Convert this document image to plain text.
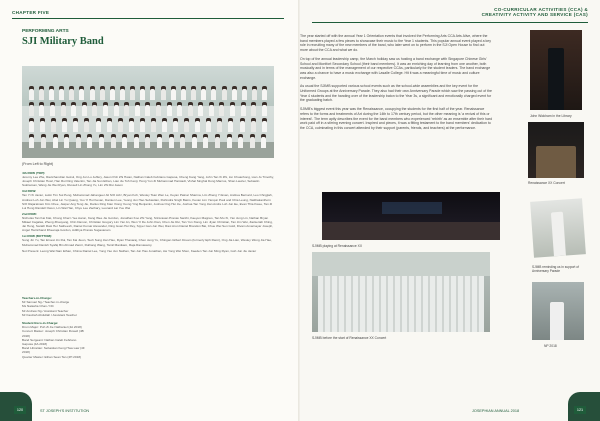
CHAPTER FIVE
PERFORMING ARTS
SJI Military Band
(From Left to Right)
4th ROW (TOP):
Jeremy Lee Zhe, Ravichandran Gokul, Ong Jun Lu Jeffery, Jason Poh Zhi Hwan, Nathan Caleb Febriano Gapusa, Cheng Kang Yang, John Tan Xi Zhi, Ion Chuanhong, Lian Jo Timothy, Joseph Christian Howl, Han Rui Ding Valentin, Tan Jia Sun Ethan, Lian Jie Toh Kenji, Hong Yun Zi Muhammad Harstadt, Vishal Singhal Dong Marcus, Shan Laurier, Sebastin Sukiraman, Wang Jie Wei Ryan, Russell Lin Zhong Yu, Lim Zhi Rui Jason
3rd ROW:
Tan Yi Xi Javier, Lukin Tim Sui Peng, Muhammad Jahangeer Ali S/O Aziz, Bryan Koh, Wesley Tsan Wen Le, Keyan Patnar Sharma, Lim Zheng Yi Evan, Andrea Bernard, Leo Chngjiah, Andrew Loh Jun Wei, Abel Lin Yu Quang, Yeo Yi Hui Kevan, Damien Lee, Yeong Jun Hao Sebastian, Rohindra Singh Bains, Kevan Lim Yanqun Paul and Chia Leung, Natthakanthorn S/O Rajaratnam Kim Chee, Jasper Ang Teng Jie, Darius Ding Kian Xiong Yeong Ying Benjamin, Joshua Ong Hui Jie, Joshua Tan Yong Jian Andre Loh Jun Ee, Evan Thia Kwee, Tan Zi Lui Hong Randell Owen, Lin Wai Han, Chye Lee Zachary, Leonard Lai Yue Wei
2nd ROW:
Nicholas Tan Kai Kiat, Chong Chern Yee Aaron, Kang Wee Jie Gordon, Jonathan Koo Zhi Yang, Srinivasan Pranav Santhi, Kaeyen Magnus, Tan Mu Xi, Yan Jung Lin, Nathan Bryan Mikael Cagalas, Zheng Zhaoyang, Chin Damon, Christian Gregory Lim Yan An, Wen Yi De John Kian, Chen Jie Rui, Tan Yun Xiang, Lim Jiyan Christian, Tan Jim Wei, Zackeriah Ching, Jai Hong, Sarath Rasi Her Satheesh, Daniel Kumar Alexander, Ding Guan Hui Rey, Spyer Gan Jun Wei, Ravi Arun Daniel Brandon Bai, Chue Wei Sen Gold, Divam Amarnayar Joseph, Angel Harrichand Dheeraja Gordon, Adithya Pranav Sugavanam
1st ROW (BOTTOM):
Sung Jin Yu, Tan Ernest Jin Rui, Tan Kai Jieun, Teoh Sung Jian Hao, Ryan Thanaraj, Chen Jeng Yu, Chingan Gilbert Dream (formerly Eph Rami), Ong Jia Lian, Wesley Wong Jia Hao, Muhammad Danish Syafiq Bin Ahmad Zamri, Ruihang Wang, Tamil Manikam, Raja Ramasamy
Not Present: Leong Wai Nam Ethan, Chima Daniel Lee, Yong Yao Jun Nathan, Tan Jun Hao Jonathan, Aw Yong Wei Shen, Kaeden Tan Jun Ming Ryan, Goh Jun Jie Javier
Teachers-in-Charge:
Mr Samuel Ng / Teacher-in-charge
Ms Natasha Chan / NC
Mr Andrew Ng / Assistant Teacher
Mr Fauziah Abdullah / Assistant Teacher
Student Exco-in-Charge:
Drum Major: Poh Zi Jie Nathaniel (4A 2018)
Concert Master: Joseph Christian Rowell (4B 2018)
Band Sergeant: Nathan Caleb Febriano Gapusa (4A 2018)
Band Librarian: Sebastian Keng Hwa Law (4F 2018)
Quarter Master: Ethan Sean Tan (4H 2018)
120	ST JOSEPH'S INSTITUTION
CO-CURRICULAR ACTIVITIES (CCA) &
CREATIVITY ACTIVITY AND SERVICE (CAS)

The year started off with the annual Year 1 Orientation events that involved the Performing Arts CCA Arts Alive, where the band members played a few pieces to showcase their music to the Year 1 students. This popular annual event played a key role in recruiting many of the new members of the band, who later went on to perform in the SJI Open House to find out more about the CCA and what we do.

On top of the annual leadership camp, the March holiday saw us hosting a band exchange with Singapore Chinese Girls' School and Montfort Secondary School (their band members). It was an enriching day of learning from one another, both musically and in terms of the management of our respective CCAs, particularly for the student leaders. The band exchange was also a chance to have a music exchange with Lasalle College. Hit it was a meaningful time of music and culture exchange.

As usual the SJIMB supported various school events such as the school-wide assemblies and the key event for the Uniformed Groups at the Anniversary Parade. They also had their own Anniversary Parade which saw the passing out of the Year 4 students and the handing over of the leadership baton to the Year 3s, a significant and emotionally charged event for the graduating batch.

SJIMB's biggest event this year was the Renaissance, occupying the students for the first half of the year. Renaissance refers to the forms and treatments of Art during the 14th to 17th century period, but the other meaning is 'a revival of this or interest'. The term aptly describes the event for the band members who experienced 'rebirth' as an ensemble after their hard work paid off in a stirring evening concert. Inspired and pieces, it was a fitting testament to the band members' dedication to the CCA, culminating in this concert attended by their support (parents, friends, and teachers) at the performance.

John Wickham in the Library
Renaissance XX Concert
SJIMB playing at Renaissance XX
SJIMB reminding us in support of Anniversary Parade
SJIMB before the start of Renaissance XX Concert
NP 2018
JOSEPHIAN ANNUAL 2018	121
